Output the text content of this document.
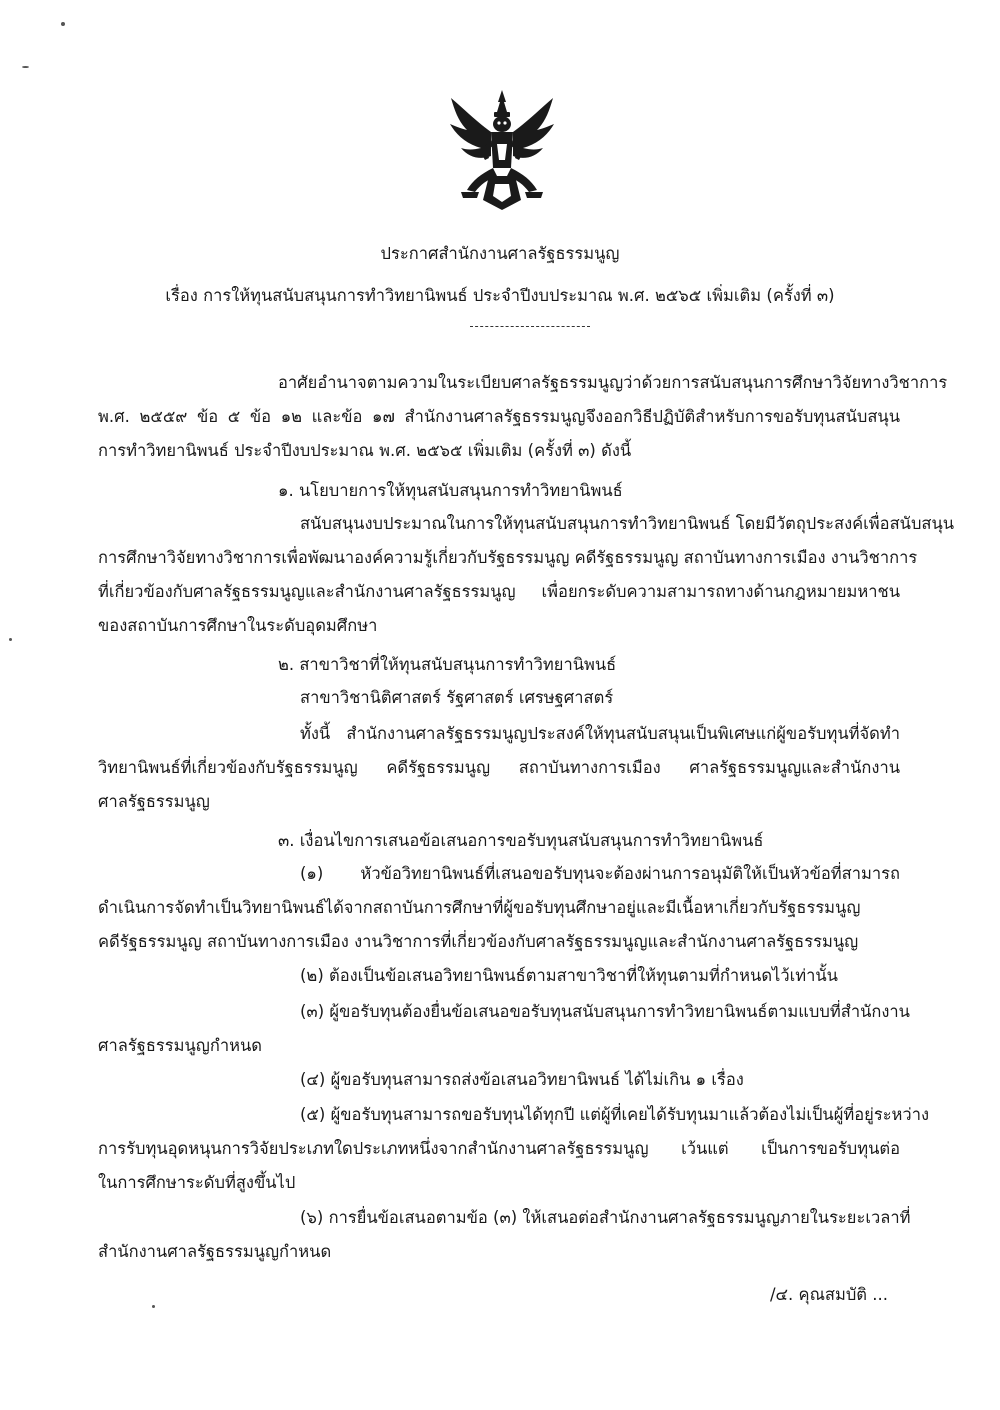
ประกาศสำนักงานศาลรัฐธรรมนูญ
เรื่อง การให้ทุนสนับสนุนการทำวิทยานิพนธ์ ประจำปีงบประมาณ พ.ศ. ๒๕๖๕ เพิ่มเติม (ครั้งที่ ๓)
อาศัยอำนาจตามความในระเบียบศาลรัฐธรรมนูญว่าด้วยการสนับสนุนการศึกษาวิจัยทางวิชาการ
พ.ศ. ๒๕๕๙ ข้อ ๕ ข้อ ๑๒ และข้อ ๑๗ สำนักงานศาลรัฐธรรมนูญจึงออกวิธีปฏิบัติสำหรับการขอรับทุนสนับสนุน
การทำวิทยานิพนธ์ ประจำปีงบประมาณ พ.ศ. ๒๕๖๕ เพิ่มเติม (ครั้งที่ ๓) ดังนี้
๑. นโยบายการให้ทุนสนับสนุนการทำวิทยานิพนธ์
สนับสนุนงบประมาณในการให้ทุนสนับสนุนการทำวิทยานิพนธ์ โดยมีวัตถุประสงค์เพื่อสนับสนุน
การศึกษาวิจัยทางวิชาการเพื่อพัฒนาองค์ความรู้เกี่ยวกับรัฐธรรมนูญ คดีรัฐธรรมนูญ สถาบันทางการเมือง งานวิชาการ
ที่เกี่ยวข้องกับศาลรัฐธรรมนูญและสำนักงานศาลรัฐธรรมนูญ เพื่อยกระดับความสามารถทางด้านกฎหมายมหาชน
ของสถาบันการศึกษาในระดับอุดมศึกษา
๒. สาขาวิชาที่ให้ทุนสนับสนุนการทำวิทยานิพนธ์
สาขาวิชานิติศาสตร์ รัฐศาสตร์ เศรษฐศาสตร์
ทั้งนี้ สำนักงานศาลรัฐธรรมนูญประสงค์ให้ทุนสนับสนุนเป็นพิเศษแก่ผู้ขอรับทุนที่จัดทำ
วิทยานิพนธ์ที่เกี่ยวข้องกับรัฐธรรมนูญ คดีรัฐธรรมนูญ สถาบันทางการเมือง ศาลรัฐธรรมนูญและสำนักงาน
ศาลรัฐธรรมนูญ
๓. เงื่อนไขการเสนอข้อเสนอการขอรับทุนสนับสนุนการทำวิทยานิพนธ์
(๑) หัวข้อวิทยานิพนธ์ที่เสนอขอรับทุนจะต้องผ่านการอนุมัติให้เป็นหัวข้อที่สามารถ
ดำเนินการจัดทำเป็นวิทยานิพนธ์ได้จากสถาบันการศึกษาที่ผู้ขอรับทุนศึกษาอยู่และมีเนื้อหาเกี่ยวกับรัฐธรรมนูญ
คดีรัฐธรรมนูญ สถาบันทางการเมือง งานวิชาการที่เกี่ยวข้องกับศาลรัฐธรรมนูญและสำนักงานศาลรัฐธรรมนูญ
(๒) ต้องเป็นข้อเสนอวิทยานิพนธ์ตามสาขาวิชาที่ให้ทุนตามที่กำหนดไว้เท่านั้น
(๓) ผู้ขอรับทุนต้องยื่นข้อเสนอขอรับทุนสนับสนุนการทำวิทยานิพนธ์ตามแบบที่สำนักงาน
ศาลรัฐธรรมนูญกำหนด
(๔) ผู้ขอรับทุนสามารถส่งข้อเสนอวิทยานิพนธ์ ได้ไม่เกิน ๑ เรื่อง
(๕) ผู้ขอรับทุนสามารถขอรับทุนได้ทุกปี แต่ผู้ที่เคยได้รับทุนมาแล้วต้องไม่เป็นผู้ที่อยู่ระหว่าง
การรับทุนอุดหนุนการวิจัยประเภทใดประเภทหนึ่งจากสำนักงานศาลรัฐธรรมนูญ เว้นแต่ เป็นการขอรับทุนต่อ
ในการศึกษาระดับที่สูงขึ้นไป
(๖) การยื่นข้อเสนอตามข้อ (๓) ให้เสนอต่อสำนักงานศาลรัฐธรรมนูญภายในระยะเวลาที่
สำนักงานศาลรัฐธรรมนูญกำหนด
/๔. คุณสมบัติ ...
